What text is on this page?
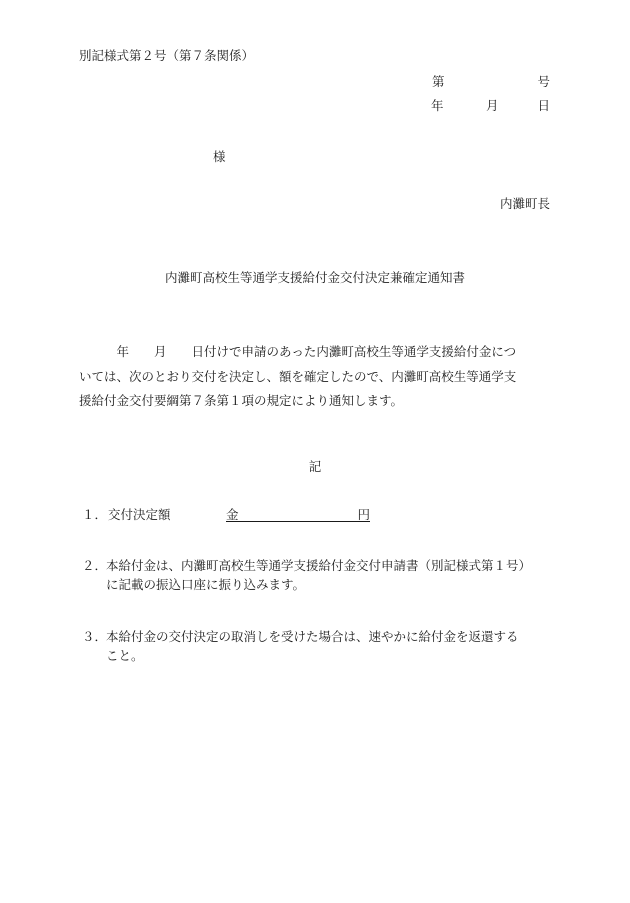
別記様式第２号（第７条関係）
第	号
年	月	日
様
内灘町長
内灘町高校生等通学支援給付金交付決定兼確定通知書
　　　年　　月　　日付けで申請のあった内灘町高校生等通学支援給付金につ
いては、次のとおり交付を決定し、額を確定したので、内灘町高校生等通学支
援給付金交付要綱第７条第１項の規定により通知します。
記
１．交付決定額	金	円
２．
本給付金は、内灘町高校生等通学支援給付金交付申請書（別記様式第１号）
に記載の振込口座に振り込みます。
３．
本給付金の交付決定の取消しを受けた場合は、速やかに給付金を返還する
こと。
